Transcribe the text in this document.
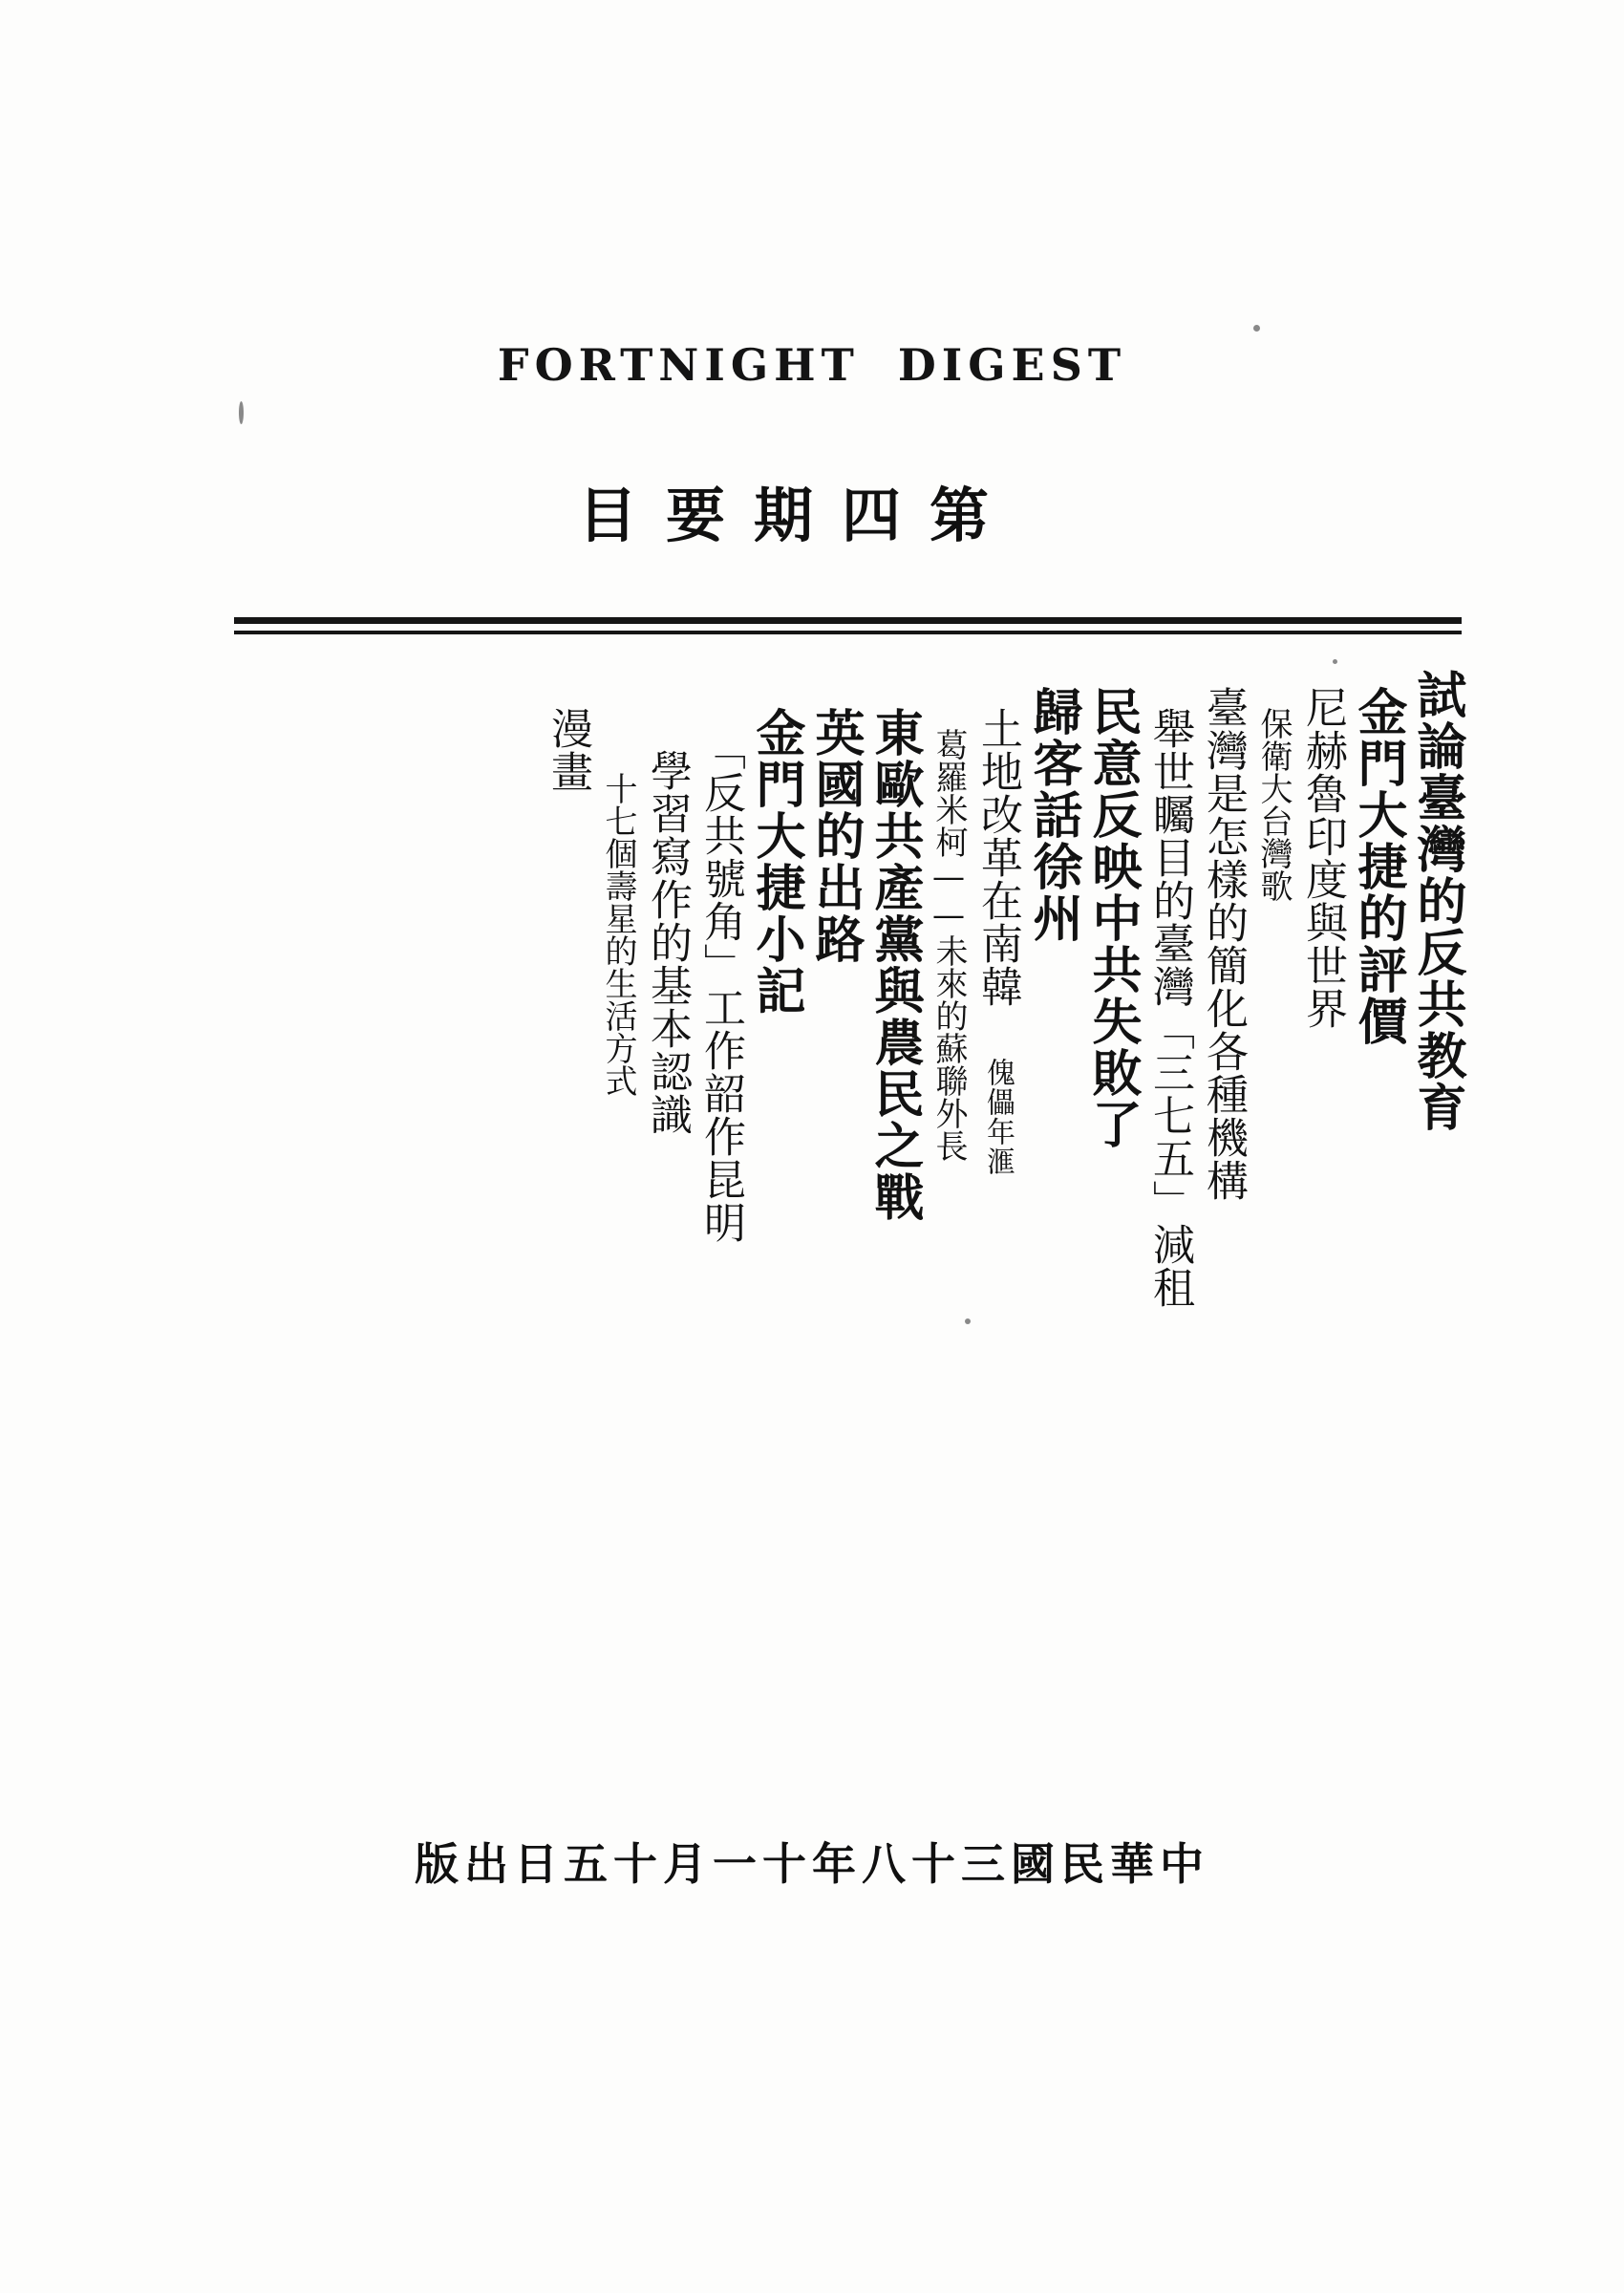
FORTNIGHT DIGEST
第四期要目
試論臺灣的反共教育
金門大捷的評價
尼赫魯印度與世界
保衛大台灣歌
臺灣是怎樣的簡化各種機構
舉世矚目的臺灣「三七五」減租
民意反映中共失敗了
歸客話徐州
土地改革在南韓 傀儡年滙
葛羅米柯——未來的蘇聯外長
東歐共產黨與農民之戰
英國的出路
金門大捷小記
「反共號角」工作韶作昆明
學習寫作的基本認識
十七個壽星的生活方式
漫畫
中華民國三十八年十一月十五日出版
